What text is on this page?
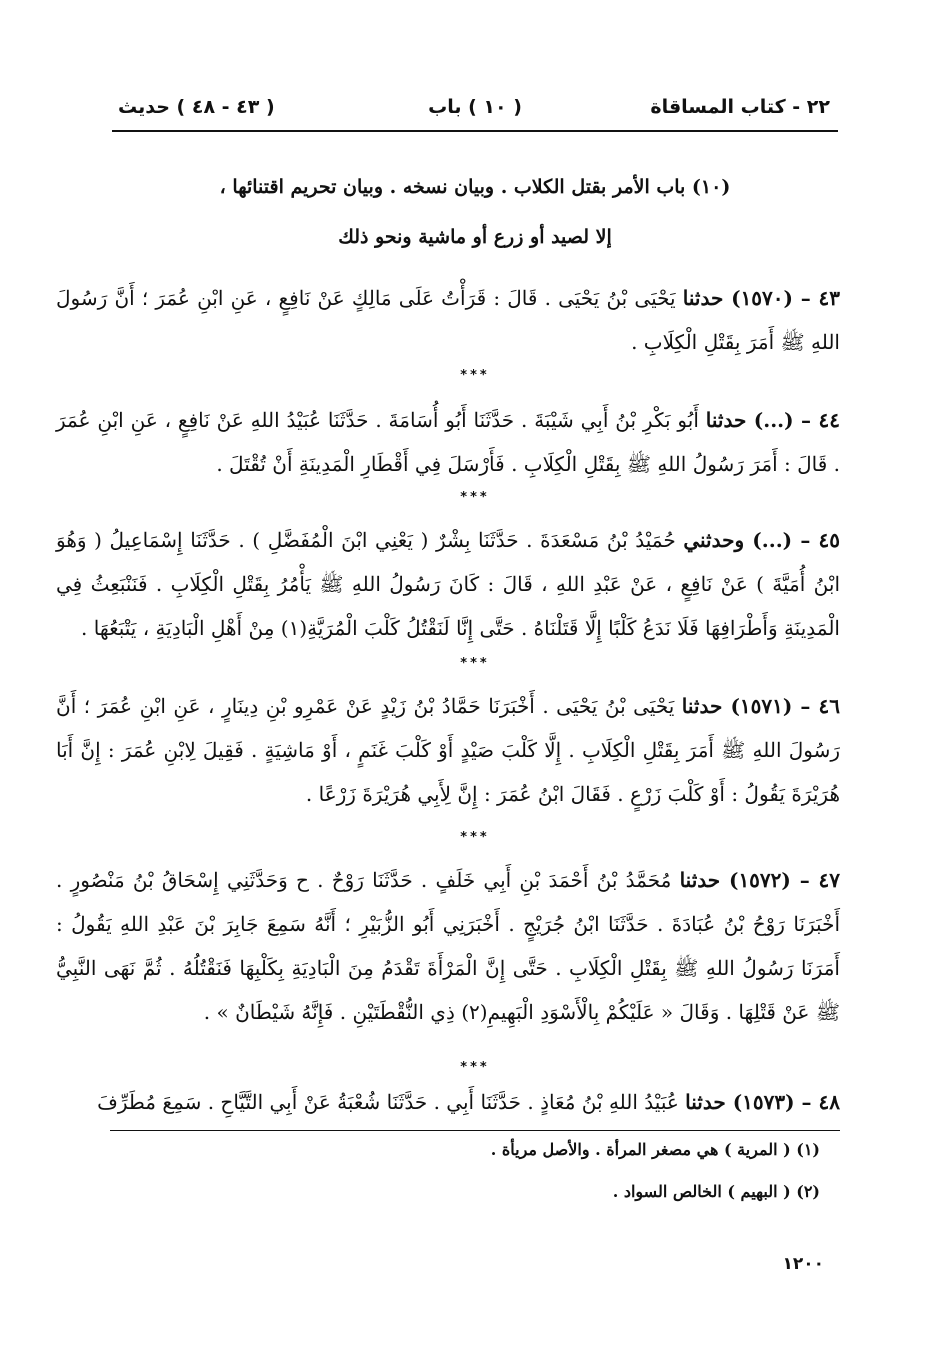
٢٢ - كتاب المساقاة
( ١٠ ) باب
( ٤٣ - ٤٨ ) حديث
(١٠) باب الأمر بقتل الكلاب . وبيان نسخه . وبيان تحريم اقتنائها ،
إلا لصيد أو زرع أو ماشية ونحو ذلك
٤٣ – (١٥٧٠) حدثنا يَحْيَى بْنُ يَحْيَى . قَالَ : قَرَأْتُ عَلَى مَالِكٍ عَنْ نَافِعٍ ، عَنِ ابْنِ عُمَرَ ؛ أَنَّ رَسُولَ اللهِ ﷺ أَمَرَ بِقَتْلِ الْكِلَابِ .
***
٤٤ – (...) حدثنا أَبُو بَكْرِ بْنُ أَبِي شَيْبَةَ . حَدَّثَنَا أَبُو أُسَامَةَ . حَدَّثَنَا عُبَيْدُ اللهِ عَنْ نَافِعٍ ، عَنِ ابْنِ عُمَرَ . قَالَ : أَمَرَ رَسُولُ اللهِ ﷺ بِقَتْلِ الْكِلَابِ . فَأَرْسَلَ فِي أَقْطَارِ الْمَدِينَةِ أَنْ تُقْتَلَ .
***
٤٥ – (...) وحدثني حُمَيْدُ بْنُ مَسْعَدَةَ . حَدَّثَنَا بِشْرٌ ( يَعْنِي ابْنَ الْمُفَضَّلِ ) . حَدَّثَنَا إِسْمَاعِيلُ ( وَهُوَ ابْنُ أُمَيَّةَ ) عَنْ نَافِعٍ ، عَنْ عَبْدِ اللهِ ، قَالَ : كَانَ رَسُولُ اللهِ ﷺ يَأْمُرُ بِقَتْلِ الْكِلَابِ . فَنَنْبَعِثُ فِي الْمَدِينَةِ وَأَطْرَافِهَا فَلَا نَدَعُ كَلْبًا إِلَّا قَتَلْنَاهُ . حَتَّى إِنَّا لَنَقْتُلُ كَلْبَ الْمُرَيَّةِ(١) مِنْ أَهْلِ الْبَادِيَةِ ، يَتْبَعُهَا .
***
٤٦ – (١٥٧١) حدثنا يَحْيَى بْنُ يَحْيَى . أَخْبَرَنَا حَمَّادُ بْنُ زَيْدٍ عَنْ عَمْرِو بْنِ دِينَارٍ ، عَنِ ابْنِ عُمَرَ ؛ أَنَّ رَسُولَ اللهِ ﷺ أَمَرَ بِقَتْلِ الْكِلَابِ . إِلَّا كَلْبَ صَيْدٍ أَوْ كَلْبَ غَنَمٍ ، أَوْ مَاشِيَةٍ . فَقِيلَ لِابْنِ عُمَرَ : إِنَّ أَبَا هُرَيْرَةَ يَقُولُ : أَوْ كَلْبَ زَرْعٍ . فَقَالَ ابْنُ عُمَرَ : إِنَّ لِأَبِي هُرَيْرَةَ زَرْعًا .
***
٤٧ – (١٥٧٢) حدثنا مُحَمَّدُ بْنُ أَحْمَدَ بْنِ أَبِي خَلَفٍ . حَدَّثَنَا رَوْحٌ . ح وَحَدَّثَنِي إِسْحَاقُ بْنُ مَنْصُورٍ . أَخْبَرَنَا رَوْحُ بْنُ عُبَادَةَ . حَدَّثَنَا ابْنُ جُرَيْجٍ . أَخْبَرَنِي أَبُو الزُّبَيْرِ ؛ أَنَّهُ سَمِعَ جَابِرَ بْنَ عَبْدِ اللهِ يَقُولُ : أَمَرَنَا رَسُولُ اللهِ ﷺ بِقَتْلِ الْكِلَابِ . حَتَّى إِنَّ الْمَرْأَةَ تَقْدَمُ مِنَ الْبَادِيَةِ بِكَلْبِهَا فَنَقْتُلُهُ . ثُمَّ نَهَى النَّبِيُّ ﷺ عَنْ قَتْلِهَا . وَقَالَ « عَلَيْكُمْ بِالْأَسْوَدِ الْبَهِيمِ(٢) ذِي النُّقْطَتَيْنِ . فَإِنَّهُ شَيْطَانٌ » .
***
٤٨ – (١٥٧٣) حدثنا عُبَيْدُ اللهِ بْنُ مُعَاذٍ . حَدَّثَنَا أَبِي . حَدَّثَنَا شُعْبَةُ عَنْ أَبِي التَّيَّاحِ . سَمِعَ مُطَرِّفَ
(١) ( المرية ) هي مصغر المرأة . والأصل مريأة .
(٢) ( البهيم ) الخالص السواد .
١٢٠٠
